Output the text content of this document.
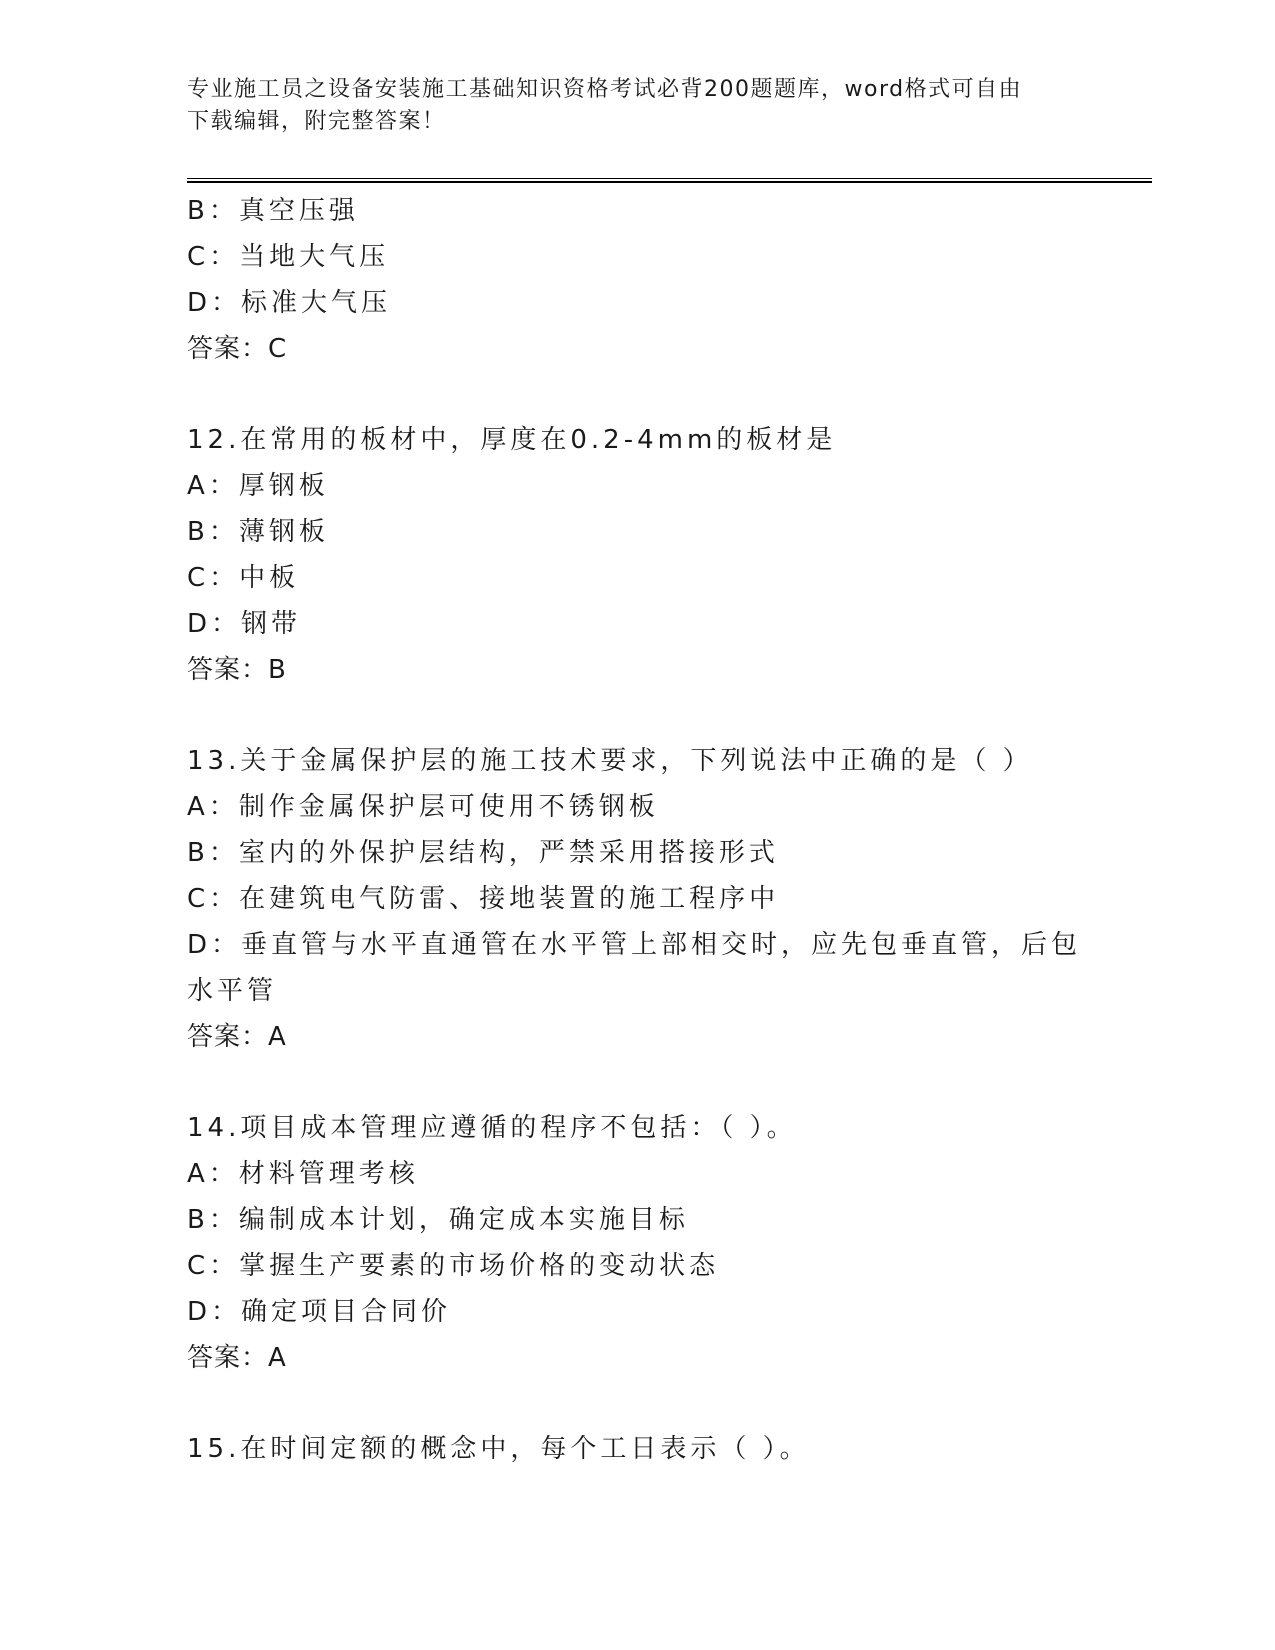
专业施工员之设备安装施工基础知识资格考试必背200题题库，word格式可自由
下载编辑，附完整答案！
B：真空压强
C：当地大气压
D：标准大气压
答案：C
12.在常用的板材中，厚度在0.2-4mm的板材是
A：厚钢板
B：薄钢板
C：中板
D：钢带
答案：B
13.关于金属保护层的施工技术要求，下列说法中正确的是（ ）
A：制作金属保护层可使用不锈钢板
B：室内的外保护层结构，严禁采用搭接形式
C：在建筑电气防雷、接地装置的施工程序中
D：垂直管与水平直通管在水平管上部相交时，应先包垂直管，后包水平管
答案：A
14.项目成本管理应遵循的程序不包括：（ ）。
A：材料管理考核
B：编制成本计划，确定成本实施目标
C：掌握生产要素的市场价格的变动状态
D：确定项目合同价
答案：A
15.在时间定额的概念中，每个工日表示（ ）。
